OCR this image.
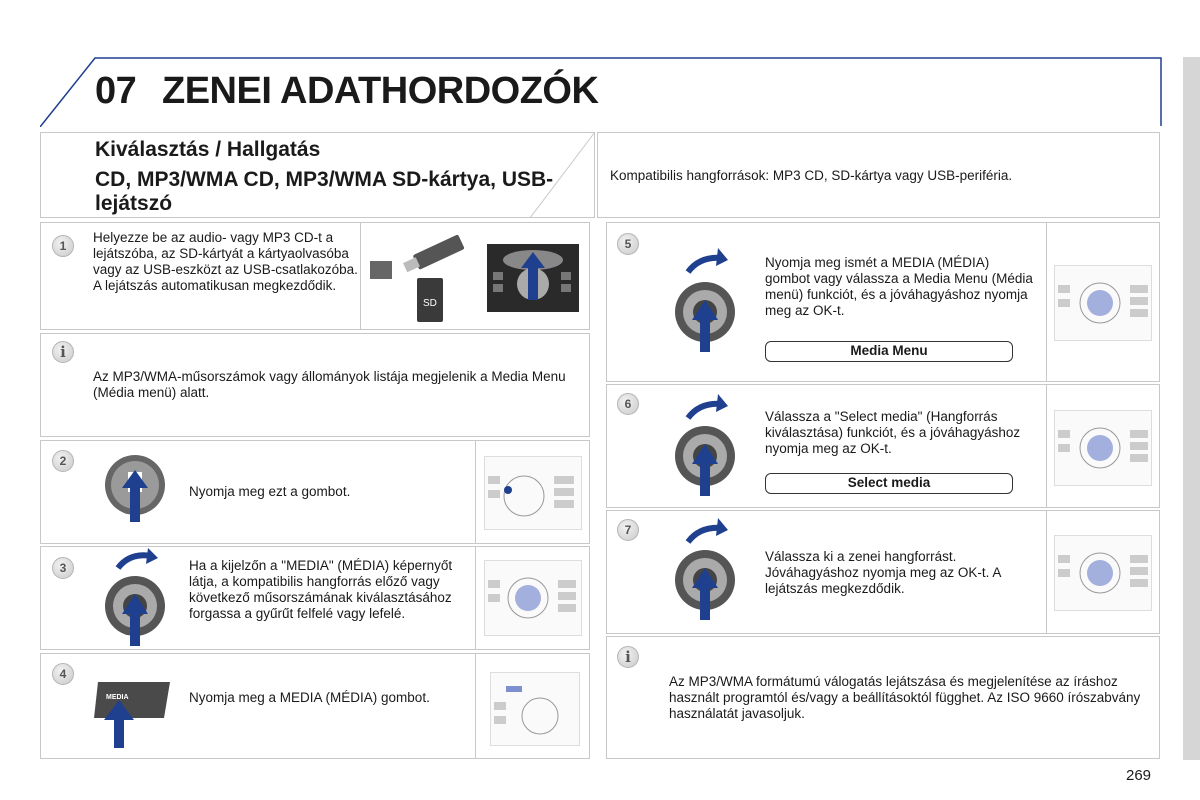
07 ZENEI ADATHORDOZÓK
Kiválasztás / Hallgatás
CD, MP3/WMA CD, MP3/WMA SD-kártya, USB-lejátszó
Kompatibilis hangforrások: MP3 CD, SD-kártya vagy USB-periféria.
1
Helyezze be az audio- vagy MP3 CD-t a lejátszóba, az SD-kártyát a kártyaolvasóba vagy az USB-eszközt az USB-csatlakozóba. A lejátszás automatikusan megkezdődik.
SD
i
Az MP3/WMA-műsorszámok vagy állományok listája megjelenik a Media Menu (Média menü) alatt.
2
Nyomja meg ezt a gombot.
3	Ha a kijelzőn a "MEDIA" (MÉDIA) képernyőt látja, a kompatibilis hangforrás előző vagy következő műsorszámának kiválasztásához forgassa a gyűrűt felfelé vagy lefelé.
4
Nyomja meg a MEDIA (MÉDIA) gombot.
MEDIA
5
Nyomja meg ismét a MEDIA (MÉDIA) gombot vagy válassza a Media Menu (Média menü) funkciót, és a jóváhagyáshoz nyomja meg az OK-t.
Media Menu
6
Válassza a "Select media" (Hangforrás kiválasztása) funkciót, és a jóváhagyáshoz nyomja meg az OK-t.
Select media
7
Válassza ki a zenei hangforrást. Jóváhagyáshoz nyomja meg az OK-t. A lejátszás megkezdődik.
i
Az MP3/WMA formátumú válogatás lejátszása és megjelenítése az íráshoz használt programtól és/vagy a beállításoktól függhet. Az ISO 9660 írószabvány használatát javasoljuk.
269
